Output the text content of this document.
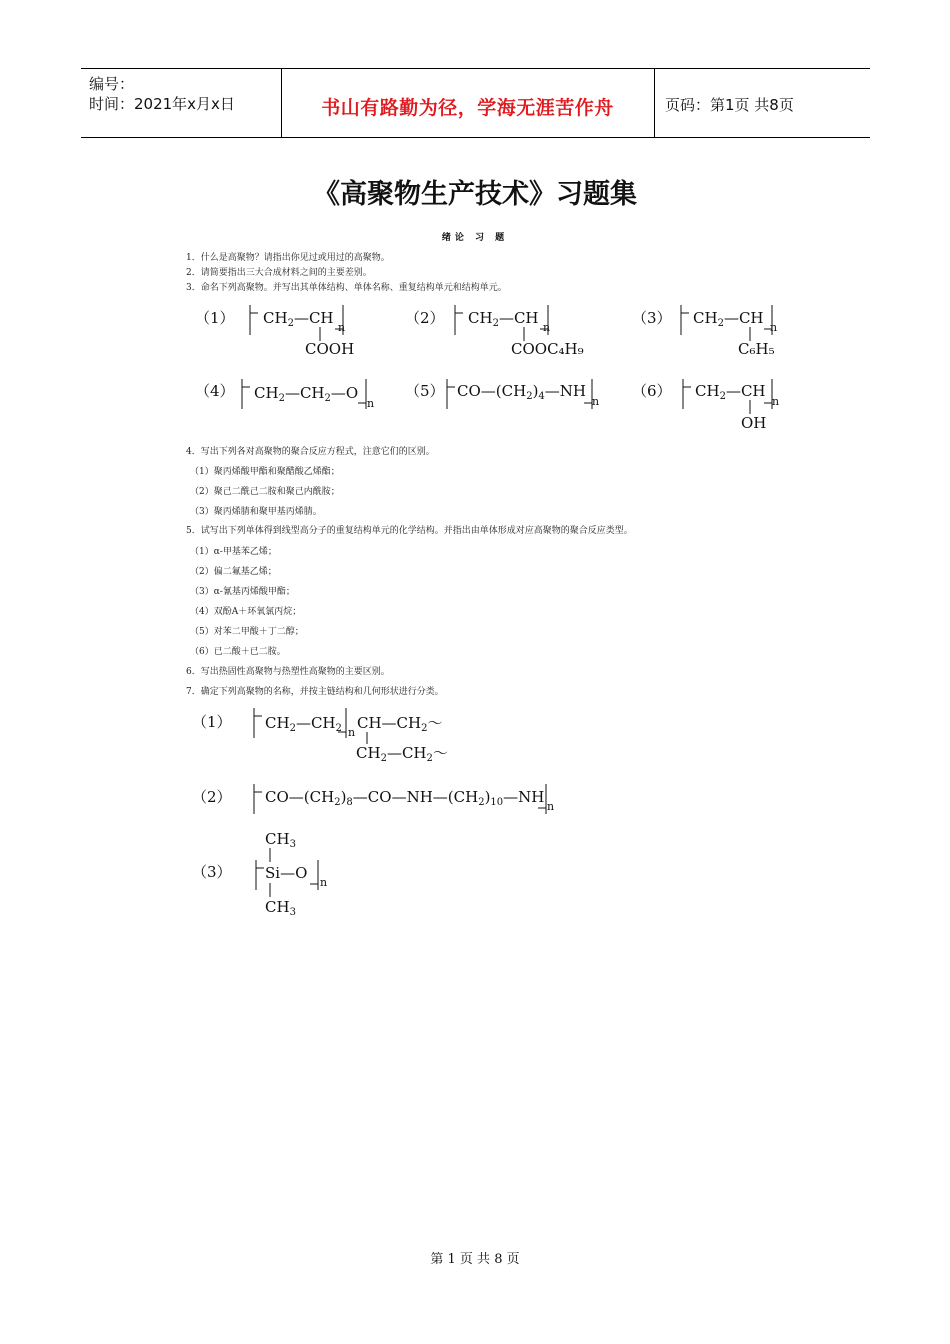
编号：
时间：2021年x月x日	书山有路勤为径，学海无涯苦作舟	页码：第1页 共8页
《高聚物生产技术》习题集
绪论 习 题
1．什么是高聚物？请指出你见过或用过的高聚物。
2．请简要指出三大合成材料之间的主要差别。
3．命名下列高聚物。并写出其单体结构、单体名称、重复结构单元和结构单元。
（1）	（2）	（3）
（4）	（5）	（6）
$CH_2—CH$
n
COOH
$CH_2—CH$
n
COOC₄H₉
$CH_2—CH$
n
C₆H₅
$CH_2—CH_2—O$
n
$CO—(CH_2)_4—NH$
n
$CH_2—CH$
n
OH
4．写出下列各对高聚物的聚合反应方程式，注意它们的区别。
（1）聚丙烯酸甲酯和聚醋酸乙烯酯；
（2）聚己二酰己二胺和聚己内酰胺；
（3）聚丙烯腈和聚甲基丙烯腈。
5．试写出下列单体得到线型高分子的重复结构单元的化学结构。并指出由单体形成对应高聚物的聚合反应类型。
（1）α-甲基苯乙烯；
（2）偏二氟基乙烯；
（3）α-氰基丙烯酸甲酯；
（4）双酚A＋环氧氯丙烷；
（5）对苯二甲酸＋丁二醇；
（6）已二酸＋已二胺。
6．写出热固性高聚物与热塑性高聚物的主要区别。
7．确定下列高聚物的名称，并按主链结构和几何形状进行分类。
（1）
（2）
（3）
$CH_2—CH_2$ n
$CH—CH_2$〜
$CH_2—CH_2$〜
$CO—(CH_2)_8—CO—NH—(CH_2)_{10}—NH$
n
$CH_3$
Si—O
n
$CH_3$
第 1 页 共 8 页
